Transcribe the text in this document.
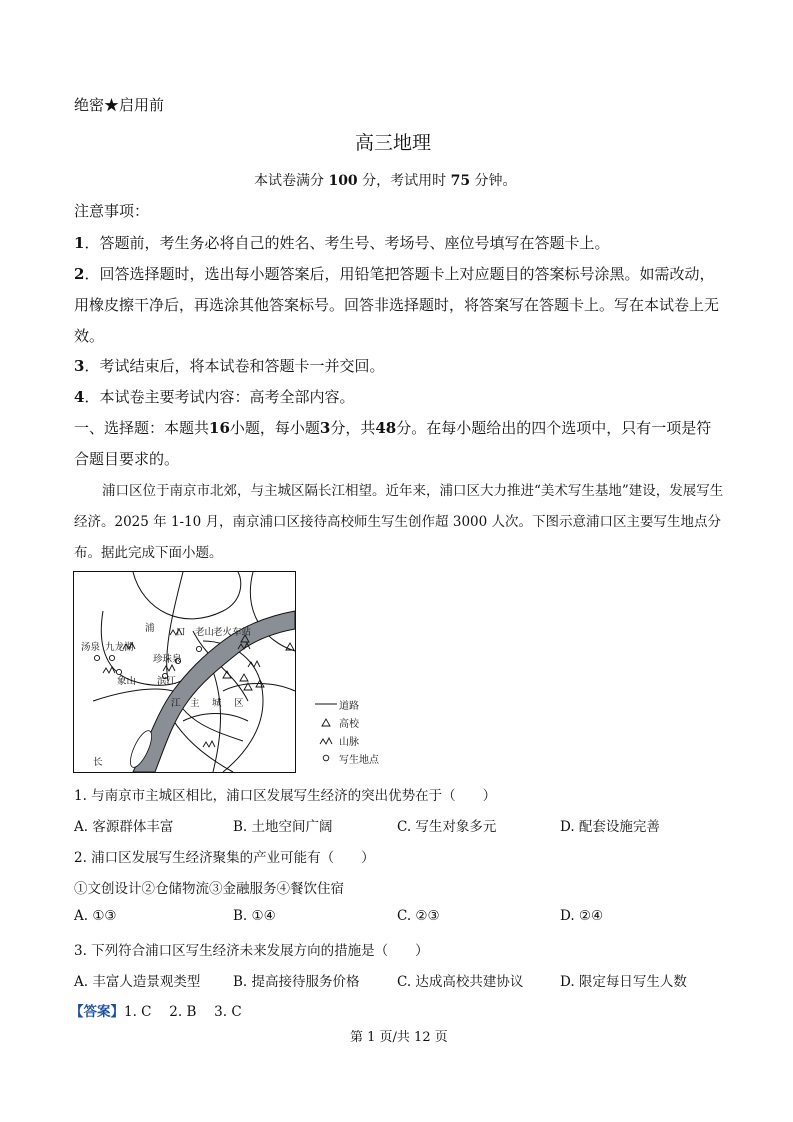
绝密★启用前
高三地理
本试卷满分 100 分，考试用时 75 分钟。
注意事项：
1．答题前，考生务必将自己的姓名、考生号、考场号、座位号填写在答题卡上。
2．回答选择题时，选出每小题答案后，用铅笔把答题卡上对应题目的答案标号涂黑。如需改动，用橡皮擦干净后，再选涂其他答案标号。回答非选择题时，将答案写在答题卡上。写在本试卷上无效。
3．考试结束后，将本试卷和答题卡一并交回。
4．本试卷主要考试内容：高考全部内容。
一、选择题：本题共16小题，每小题3分，共48分。在每小题给出的四个选项中，只有一项是符合题目要求的。
浦口区位于南京市北郊，与主城区隔长江相望。近年来，浦口区大力推进“美术写生基地”建设，发展写生经济。2025 年 1-10 月，南京浦口区接待高校师生写生创作超 3000 人次。下图示意浦口区主要写生地点分布。据此完成下面小题。
浦 口 老山
老火车站
汤泉 九龙湖
珍珠泉
象山 滨江
主 城 区
江
长
道路
高校
山脉
写生地点
1. 与南京市主城区相比，浦口区发展写生经济的突出优势在于（　　）
A. 客源群体丰富	B. 土地空间广阔	C. 写生对象多元	D. 配套设施完善
2. 浦口区发展写生经济聚集的产业可能有（　　）
①文创设计②仓储物流③金融服务④餐饮住宿
A. ①③	B. ①④	C. ②③	D. ②④
3. 下列符合浦口区写生经济未来发展方向的措施是（　　）
A. 丰富人造景观类型 B. 提高接待服务价格	C. 达成高校共建协议	D. 限定每日写生人数
【答案】1. C　 2. B　 3. C
第 1 页/共 12 页
